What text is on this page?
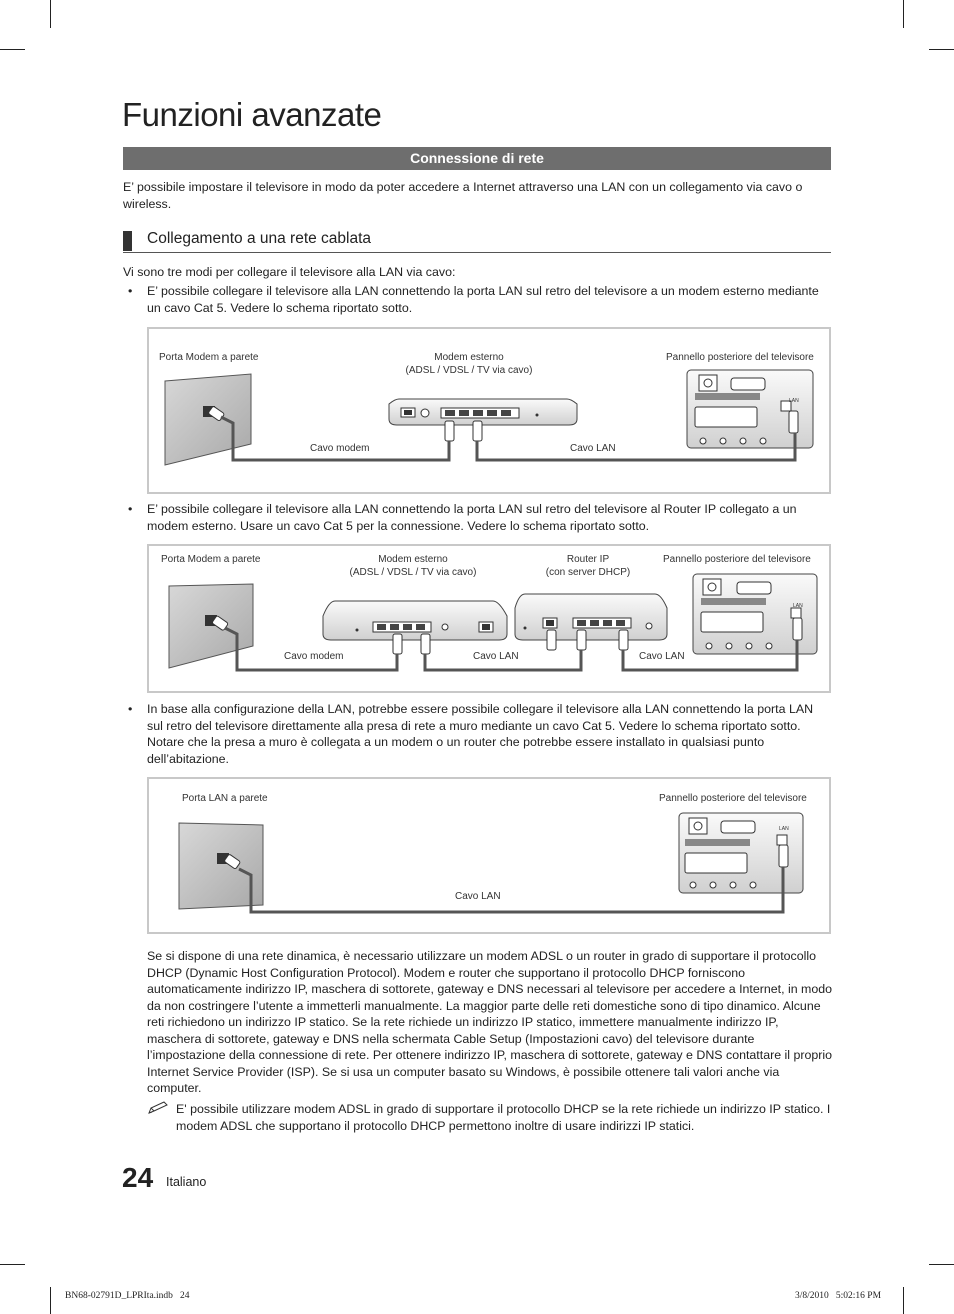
Funzioni avanzate
Connessione di rete
E’ possibile impostare il televisore in modo da poter accedere a Internet attraverso una LAN con un collegamento via cavo o wireless.
Collegamento a una rete cablata
Vi sono tre modi per collegare il televisore alla LAN via cavo:
• E’ possibile collegare il televisore alla LAN connettendo la porta LAN sul retro del televisore a un modem esterno mediante un cavo Cat 5. Vedere lo schema riportato sotto.
Porta Modem a parete	Modem esterno
(ADSL / VDSL / TV via cavo)
Pannello posteriore del televisore
LAN
Cavo modem	Cavo LAN
• E’ possibile collegare il televisore alla LAN connettendo la porta LAN sul retro del televisore al Router IP collegato a un modem esterno. Usare un cavo Cat 5 per la connessione. Vedere lo schema riportato sotto.
Porta Modem a parete	Modem esterno
(ADSL / VDSL / TV via cavo)
Router IP
(con server DHCP)
Pannello posteriore del televisore
LAN
Cavo modem	Cavo LAN	Cavo LAN
• In base alla configurazione della LAN, potrebbe essere possibile collegare il televisore alla LAN connettendo la porta LAN sul retro del televisore direttamente alla presa di rete a muro mediante un cavo Cat 5. Vedere lo schema riportato sotto. Notare che la presa a muro è collegata a un modem o un router che potrebbe essere installato in qualsiasi punto dell’abitazione.
Porta LAN a parete	Pannello posteriore del televisore
LAN
Cavo LAN
Se si dispone di una rete dinamica, è necessario utilizzare un modem ADSL o un router in grado di supportare il protocollo DHCP (Dynamic Host Configuration Protocol). Modem e router che supportano il protocollo DHCP forniscono automaticamente indirizzo IP, maschera di sottorete, gateway e DNS necessari al televisore per accedere a Internet, in modo da non costringere l’utente a immetterli manualmente. La maggior parte delle reti domestiche sono di tipo dinamico. Alcune reti richiedono un indirizzo IP statico. Se la rete richiede un indirizzo IP statico, immettere manualmente indirizzo IP, maschera di sottorete, gateway e DNS nella schermata Cable Setup (Impostazioni cavo) del televisore durante l’impostazione della connessione di rete. Per ottenere indirizzo IP, maschera di sottorete, gateway e DNS contattare il proprio Internet Service Provider (ISP). Se si usa un computer basato su Windows, è possibile ottenere tali valori anche via computer.
E' possibile utilizzare modem ADSL in grado di supportare il protocollo DHCP se la rete richiede un indirizzo IP statico. I modem ADSL che supportano il protocollo DHCP permettono inoltre di usare indirizzi IP statici.
24 Italiano
BN68-02791D_LPRIta.indb   24	3/8/2010   5:02:16 PM
